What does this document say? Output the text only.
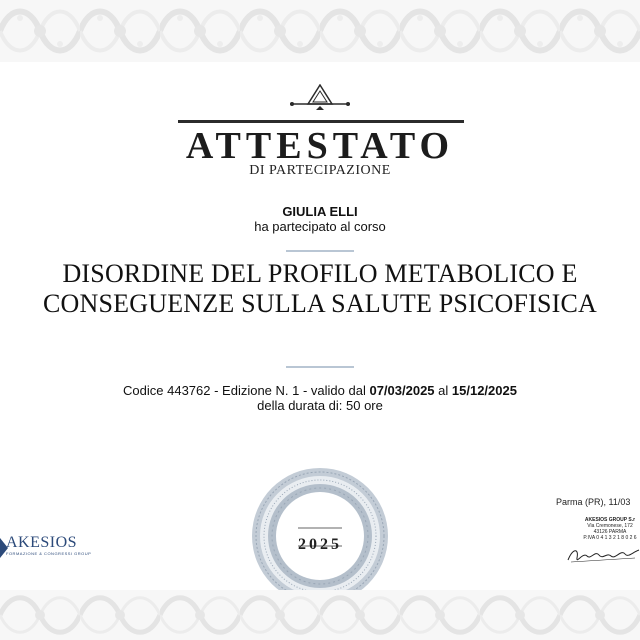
ATTESTATO
DI PARTECIPAZIONE
GIULIA ELLI
ha partecipato al corso
DISORDINE DEL PROFILO METABOLICO E
CONSEGUENZE SULLA SALUTE PSICOFISICA
Codice 443762 - Edizione N. 1 - valido dal 07/03/2025 al 15/12/2025
della durata di: 50 ore
2025
AKESIOS
FORMAZIONE & CONGRESSI GROUP
Parma (PR), 11/03
AKESIOS GROUP S.r
Via Cremonese, 172
43126 PARMA
P.IVA 0 4 1 3 2 1 8 0 2 6
